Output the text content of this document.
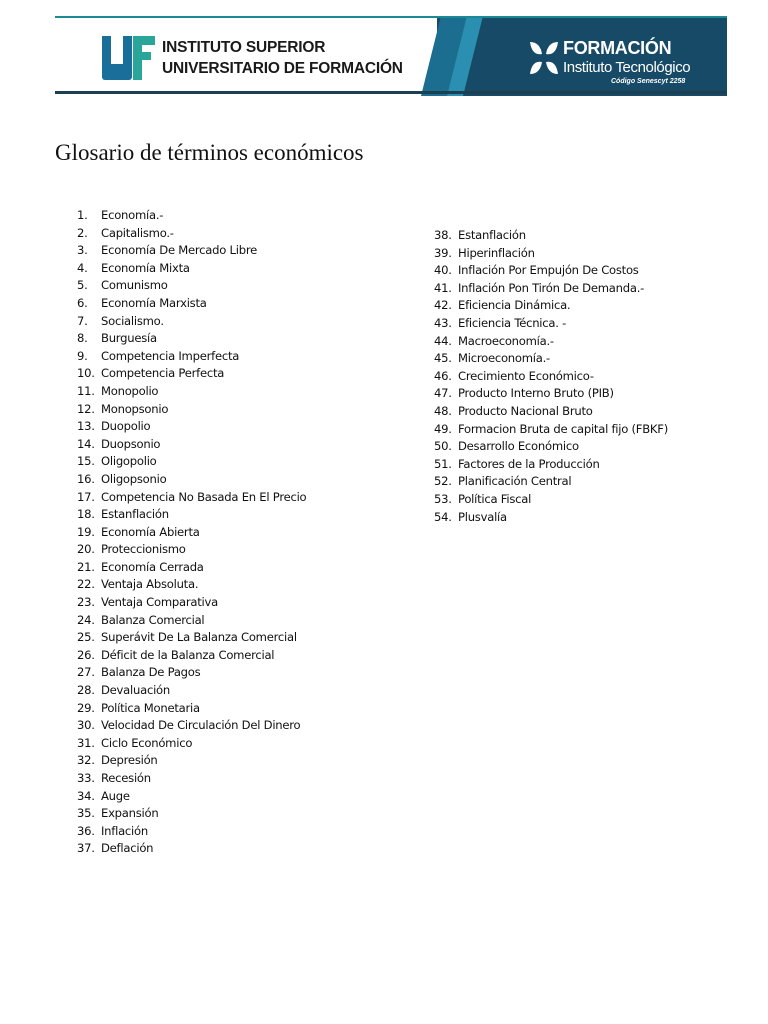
INSTITUTO SUPERIOR
UNIVERSITARIO DE FORMACIÓN
FORMACIÓN
Instituto Tecnológico
Código Senescyt 2258
Glosario de términos económicos
1. Economía.-
2. Capitalismo.-
3. Economía De Mercado Libre
4. Economía Mixta
5. Comunismo
6. Economía Marxista
7. Socialismo.
8. Burguesía
9. Competencia Imperfecta
10. Competencia Perfecta
11. Monopolio
12. Monopsonio
13. Duopolio
14. Duopsonio
15. Oligopolio
16. Oligopsonio
17. Competencia No Basada En El Precio
18. Estanflación
19. Economía Abierta
20. Proteccionismo
21. Economía Cerrada
22. Ventaja Absoluta.
23. Ventaja Comparativa
24. Balanza Comercial
25. Superávit De La Balanza Comercial
26. Déficit de la Balanza Comercial
27. Balanza De Pagos
28. Devaluación
29. Política Monetaria
30. Velocidad De Circulación Del Dinero
31. Ciclo Económico
32. Depresión
33. Recesión
34. Auge
35. Expansión
36. Inflación
37. Deflación
38. Estanflación
39. Hiperinflación
40. Inflación Por Empujón De Costos
41. Inflación Pon Tirón De Demanda.-
42. Eficiencia Dinámica.
43. Eficiencia Técnica. -
44. Macroeconomía.-
45. Microeconomía.-
46. Crecimiento Económico-
47. Producto Interno Bruto (PIB)
48. Producto Nacional Bruto
49. Formacion Bruta de capital fijo (FBKF)
50. Desarrollo Económico
51. Factores de la Producción
52. Planificación Central
53. Política Fiscal
54. Plusvalía
